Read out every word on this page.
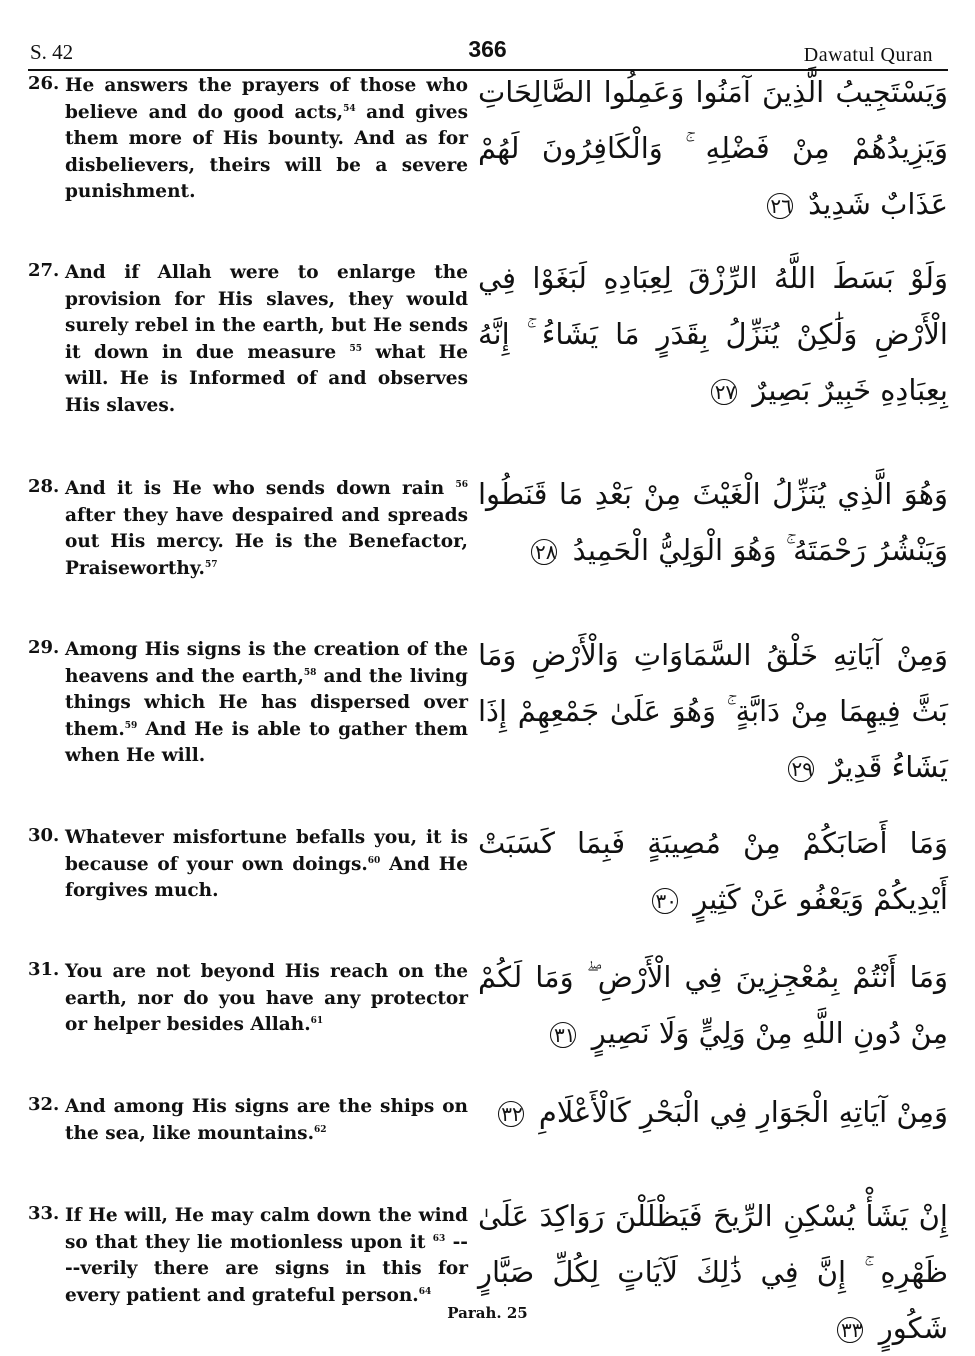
S. 42	366	Dawatul Quran
26. He answers the prayers of those who believe and do good acts,$^{54}$ and gives them more of His bounty. And as for disbelievers, theirs will be a severe punishment.
وَيَسْتَجِيبُ الَّذِينَ آمَنُوا وَعَمِلُوا الصَّالِحَاتِ وَيَزِيدُهُمْ مِنْ فَضْلِهِ ۚ وَالْكَافِرُونَ لَهُمْ عَذَابٌ شَدِيدٌ ٢٦
27. And if Allah were to enlarge the provision for His slaves, they would surely rebel in the earth, but He sends it down in due measure $^{55}$ what He will. He is Informed of and observes His slaves.
وَلَوْ بَسَطَ اللَّهُ الرِّزْقَ لِعِبَادِهِ لَبَغَوْا فِي الْأَرْضِ وَلَٰكِنْ يُنَزِّلُ بِقَدَرٍ مَا يَشَاءُ ۚ إِنَّهُ بِعِبَادِهِ خَبِيرٌ بَصِيرٌ ٢٧
28. And it is He who sends down rain $^{56}$ after they have despaired and spreads out His mercy. He is the Benefactor, Praiseworthy.$^{57}$
وَهُوَ الَّذِي يُنَزِّلُ الْغَيْثَ مِنْ بَعْدِ مَا قَنَطُوا وَيَنْشُرُ رَحْمَتَهُ ۚ وَهُوَ الْوَلِيُّ الْحَمِيدُ ٢٨
29. Among His signs is the creation of the heavens and the earth,$^{58}$ and the living things which He has dispersed over them.$^{59}$ And He is able to gather them when He will.
وَمِنْ آيَاتِهِ خَلْقُ السَّمَاوَاتِ وَالْأَرْضِ وَمَا بَثَّ فِيهِمَا مِنْ دَابَّةٍ ۚ وَهُوَ عَلَىٰ جَمْعِهِمْ إِذَا يَشَاءُ قَدِيرٌ ٢٩
30. Whatever misfortune befalls you, it is because of your own doings.$^{60}$ And He forgives much.
وَمَا أَصَابَكُمْ مِنْ مُصِيبَةٍ فَبِمَا كَسَبَتْ أَيْدِيكُمْ وَيَعْفُو عَنْ كَثِيرٍ ٣٠
31. You are not beyond His reach on the earth, nor do you have any protector or helper besides Allah.$^{61}$
وَمَا أَنْتُمْ بِمُعْجِزِينَ فِي الْأَرْضِ ۖ وَمَا لَكُمْ مِنْ دُونِ اللَّهِ مِنْ وَلِيٍّ وَلَا نَصِيرٍ ٣١
32. And among His signs are the ships on the sea, like mountains.$^{62}$
وَمِنْ آيَاتِهِ الْجَوَارِ فِي الْبَحْرِ كَالْأَعْلَامِ ٣٢
33. If He will, He may calm down the wind so that they lie motionless upon it $^{63}$ ----verily there are signs in this for every patient and grateful person.$^{64}$
إِنْ يَشَأْ يُسْكِنِ الرِّيحَ فَيَظْلَلْنَ رَوَاكِدَ عَلَىٰ ظَهْرِهِ ۚ إِنَّ فِي ذَٰلِكَ لَآيَاتٍ لِكُلِّ صَبَّارٍ شَكُورٍ ٣٣
Parah. 25
